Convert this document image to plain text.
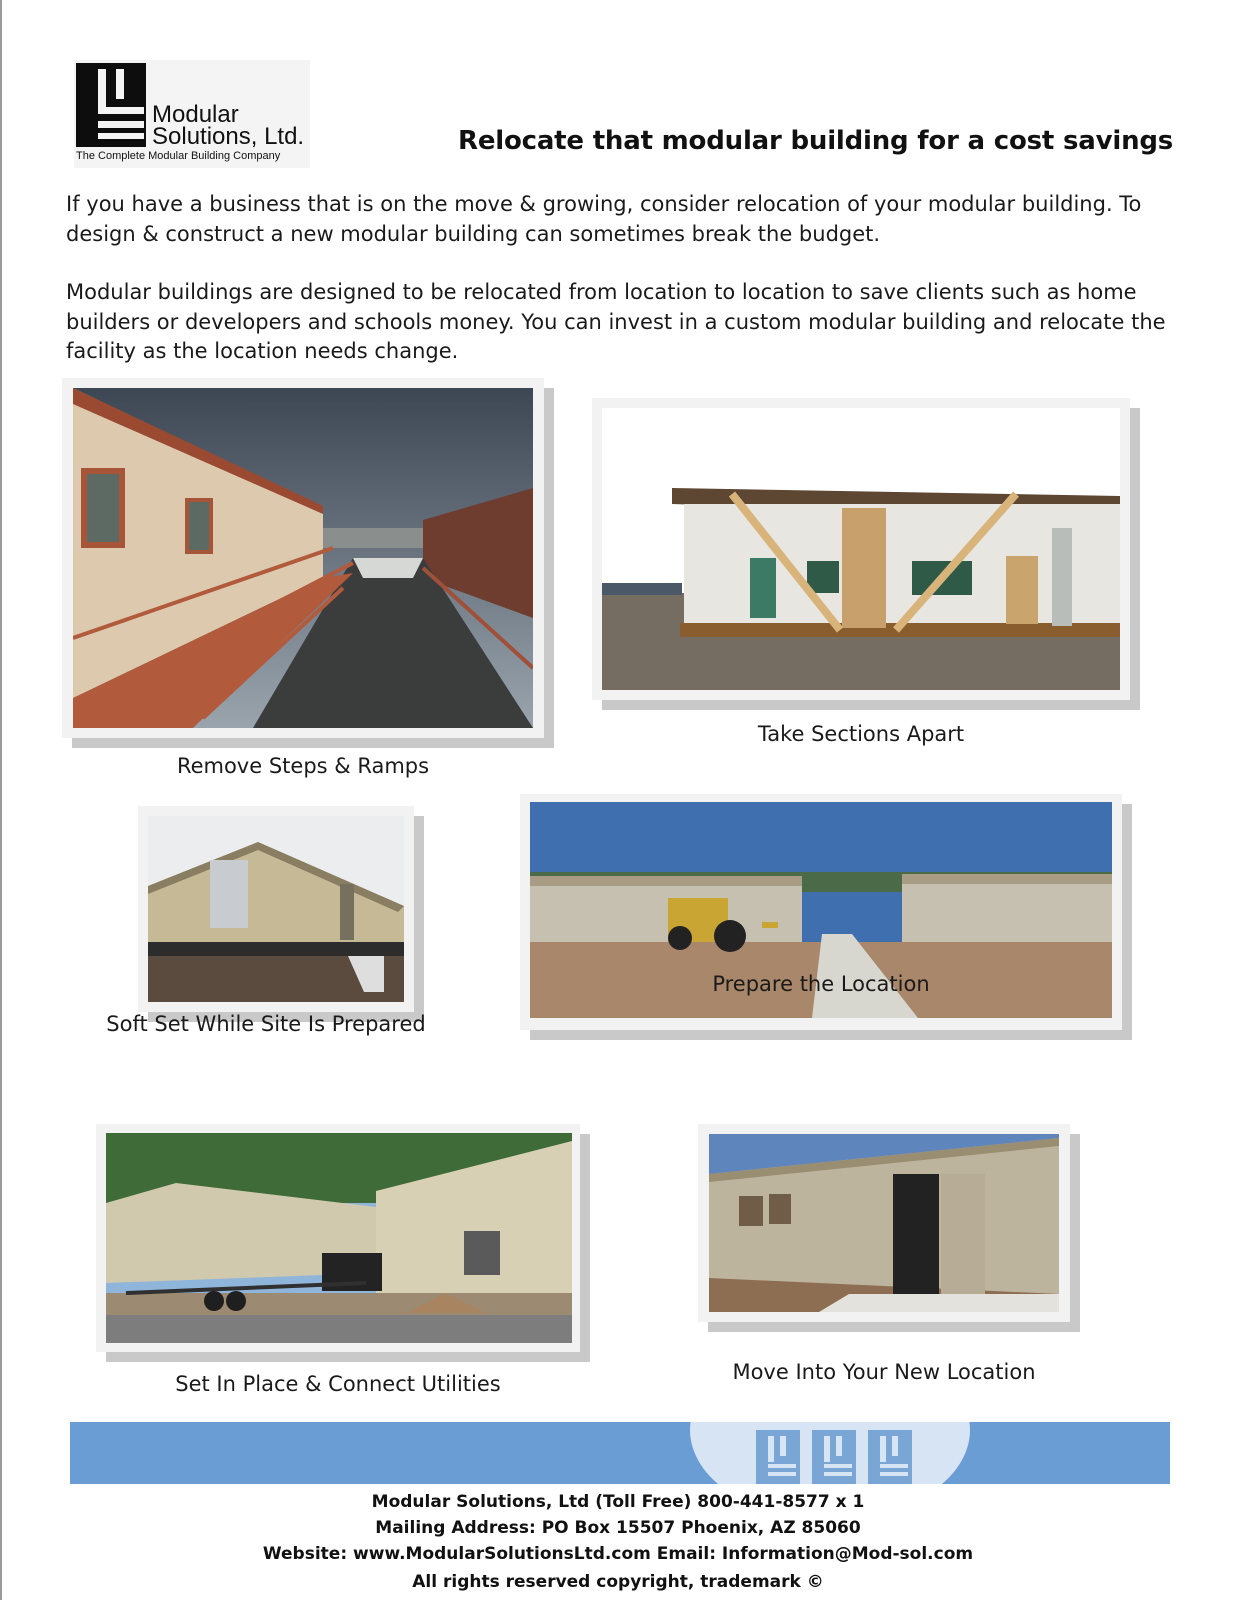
Modular
Solutions, Ltd.
The Complete Modular Building Company	Relocate that modular building for a cost savings

If you have a business that is on the move & growing, consider relocation of your modular building. To design & construct a new modular building can sometimes break the budget.

Modular buildings are designed to be relocated from location to location to save clients such as home builders or developers and schools money. You can invest in a custom modular building and relocate the facility as the location needs change.

Remove Steps & Ramps
Take Sections Apart
Soft Set While Site Is Prepared
Prepare the Location
Set In Place & Connect Utilities	Move Into Your New Location
Modular Solutions, Ltd (Toll Free) 800-441-8577 x 1
Mailing Address: PO Box 15507 Phoenix, AZ 85060
Website: www.ModularSolutionsLtd.com Email: Information@Mod-sol.com
All rights reserved copyright, trademark ©
